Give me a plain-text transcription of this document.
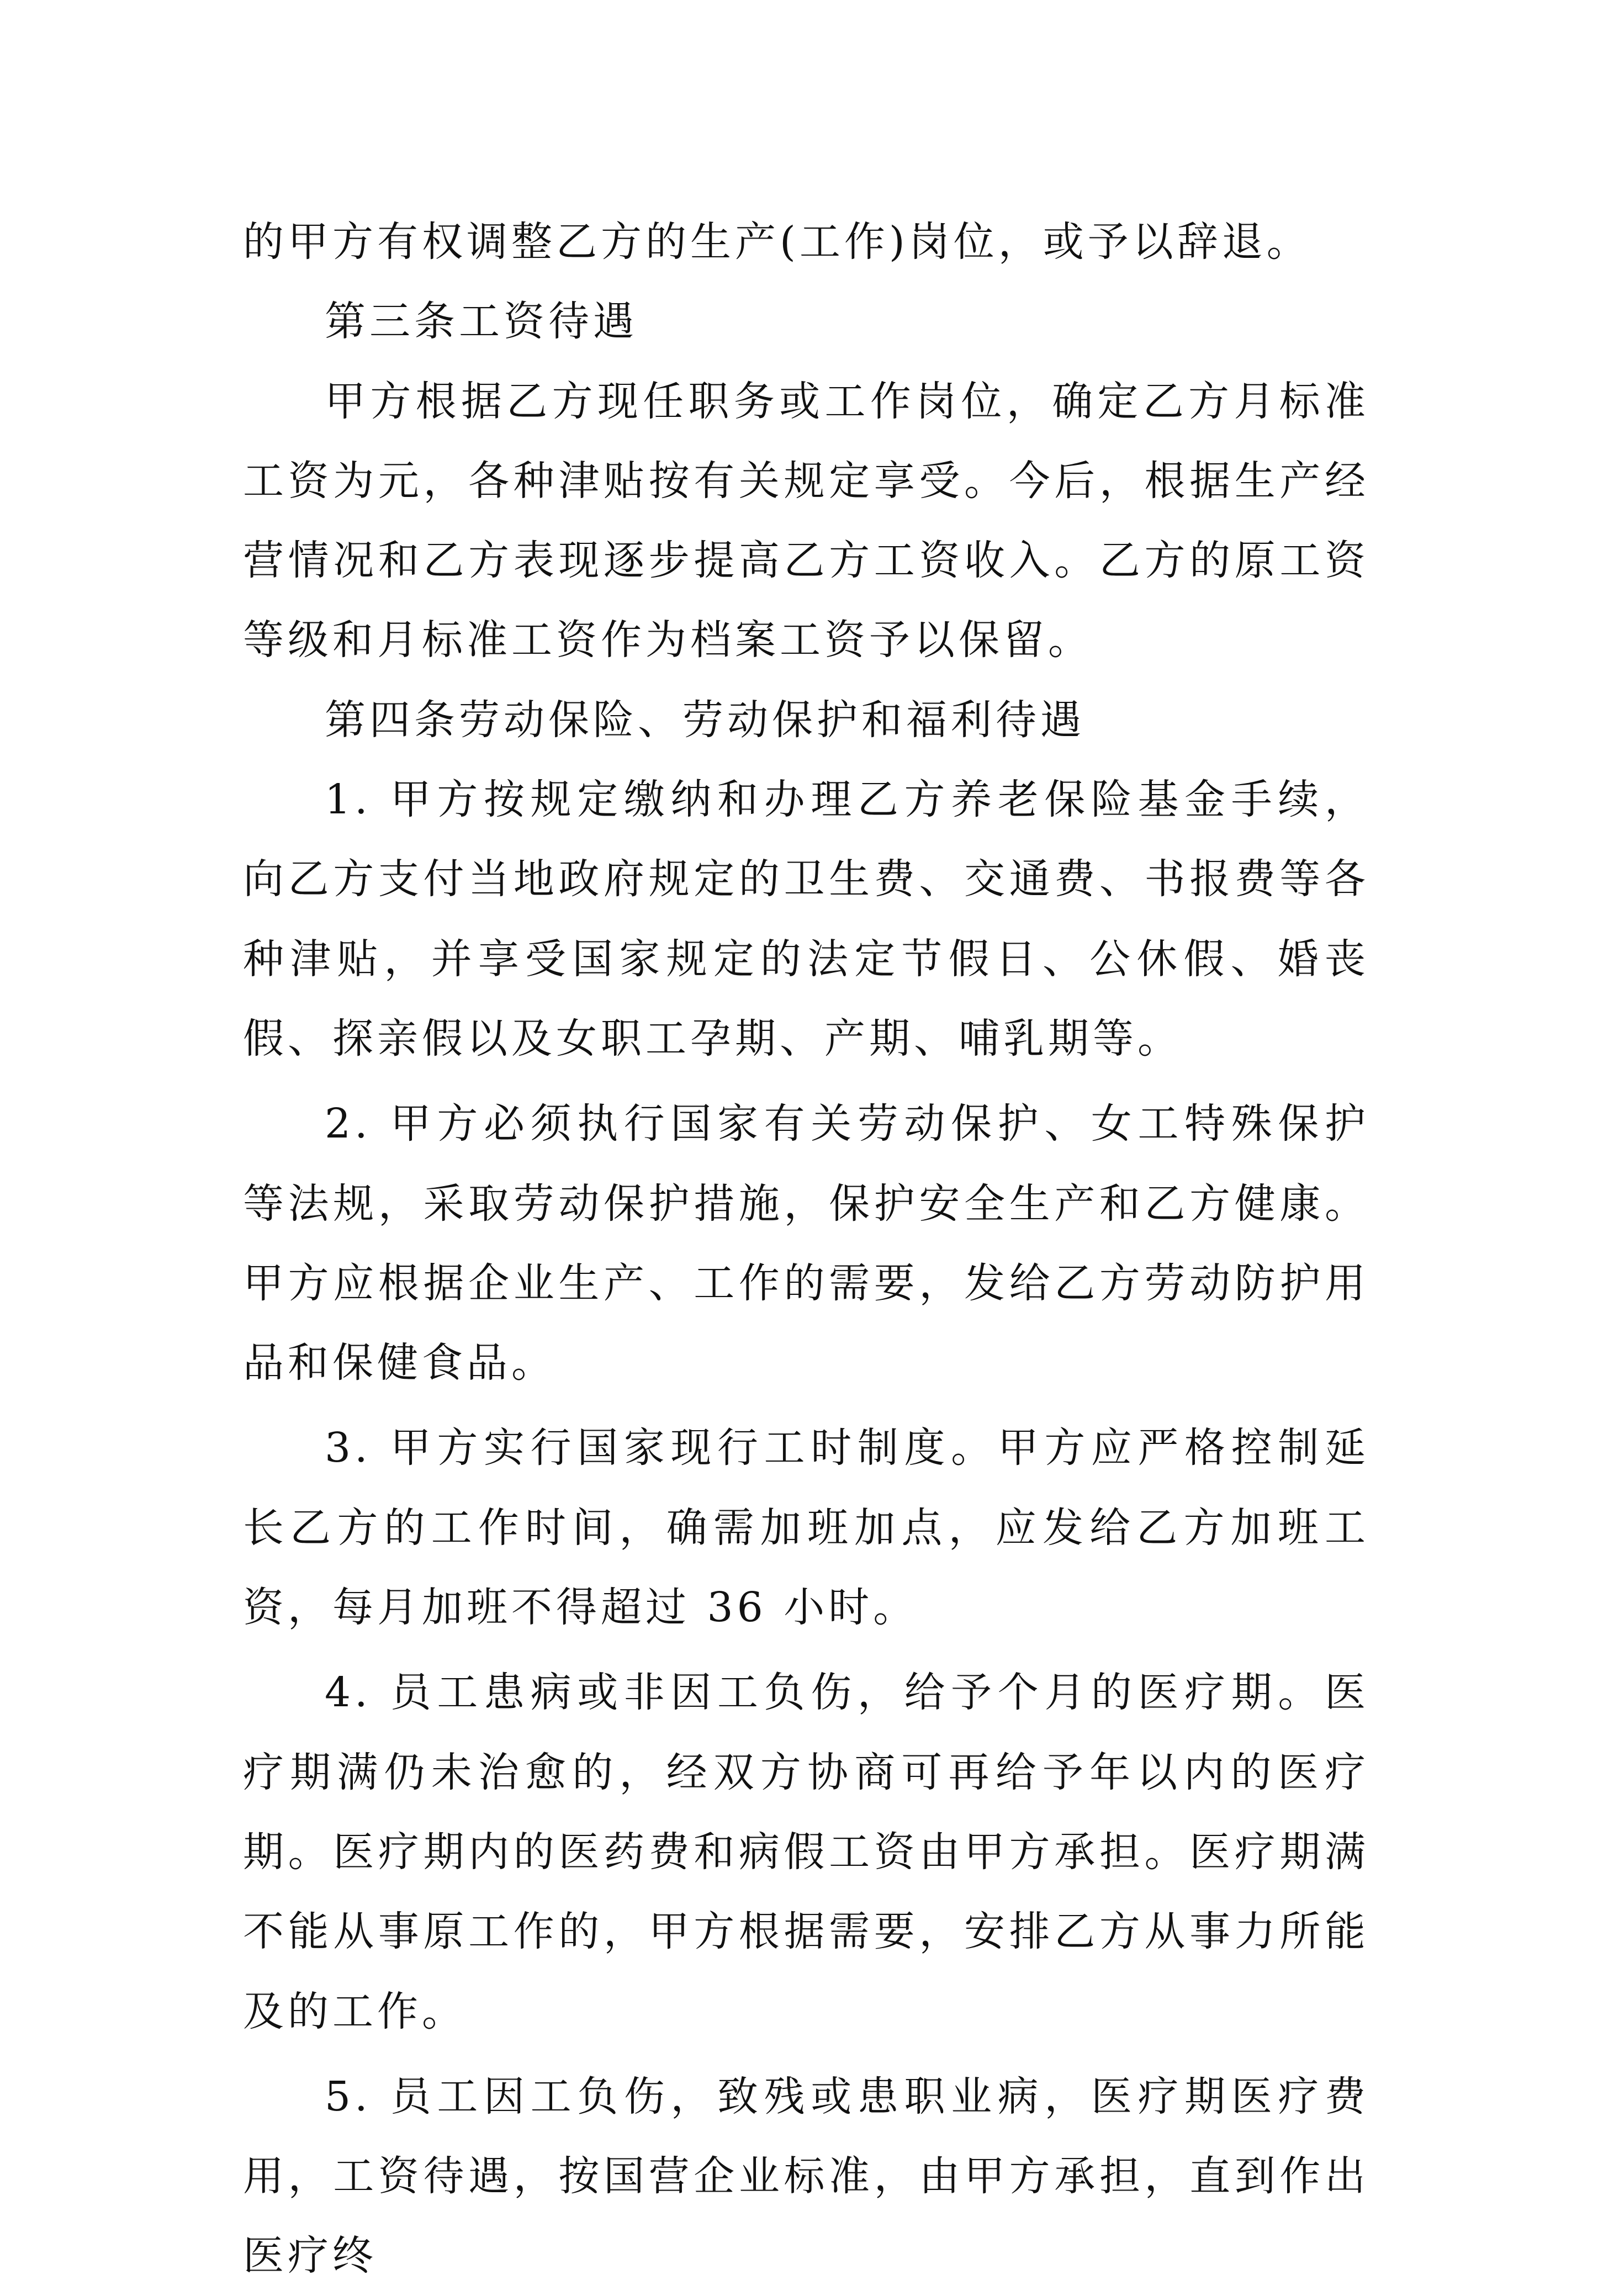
的甲方有权调整乙方的生产(工作)岗位，或予以辞退。

第三条工资待遇

甲方根据乙方现任职务或工作岗位，确定乙方月标准工资为元，各种津贴按有关规定享受。今后，根据生产经营情况和乙方表现逐步提高乙方工资收入。乙方的原工资等级和月标准工资作为档案工资予以保留。

第四条劳动保险、劳动保护和福利待遇

1. 甲方按规定缴纳和办理乙方养老保险基金手续，向乙方支付当地政府规定的卫生费、交通费、书报费等各种津贴，并享受国家规定的法定节假日、公休假、婚丧假、探亲假以及女职工孕期、产期、哺乳期等。

2. 甲方必须执行国家有关劳动保护、女工特殊保护等法规，采取劳动保护措施，保护安全生产和乙方健康。甲方应根据企业生产、工作的需要，发给乙方劳动防护用品和保健食品。

3. 甲方实行国家现行工时制度。甲方应严格控制延长乙方的工作时间，确需加班加点，应发给乙方加班工资，每月加班不得超过 36 小时。

4. 员工患病或非因工负伤，给予个月的医疗期。医疗期满仍未治愈的，经双方协商可再给予年以内的医疗期。医疗期内的医药费和病假工资由甲方承担。医疗期满不能从事原工作的，甲方根据需要，安排乙方从事力所能及的工作。

5. 员工因工负伤，致残或患职业病，医疗期医疗费用，工资待遇，按国营企业标准，由甲方承担，直到作出医疗终
